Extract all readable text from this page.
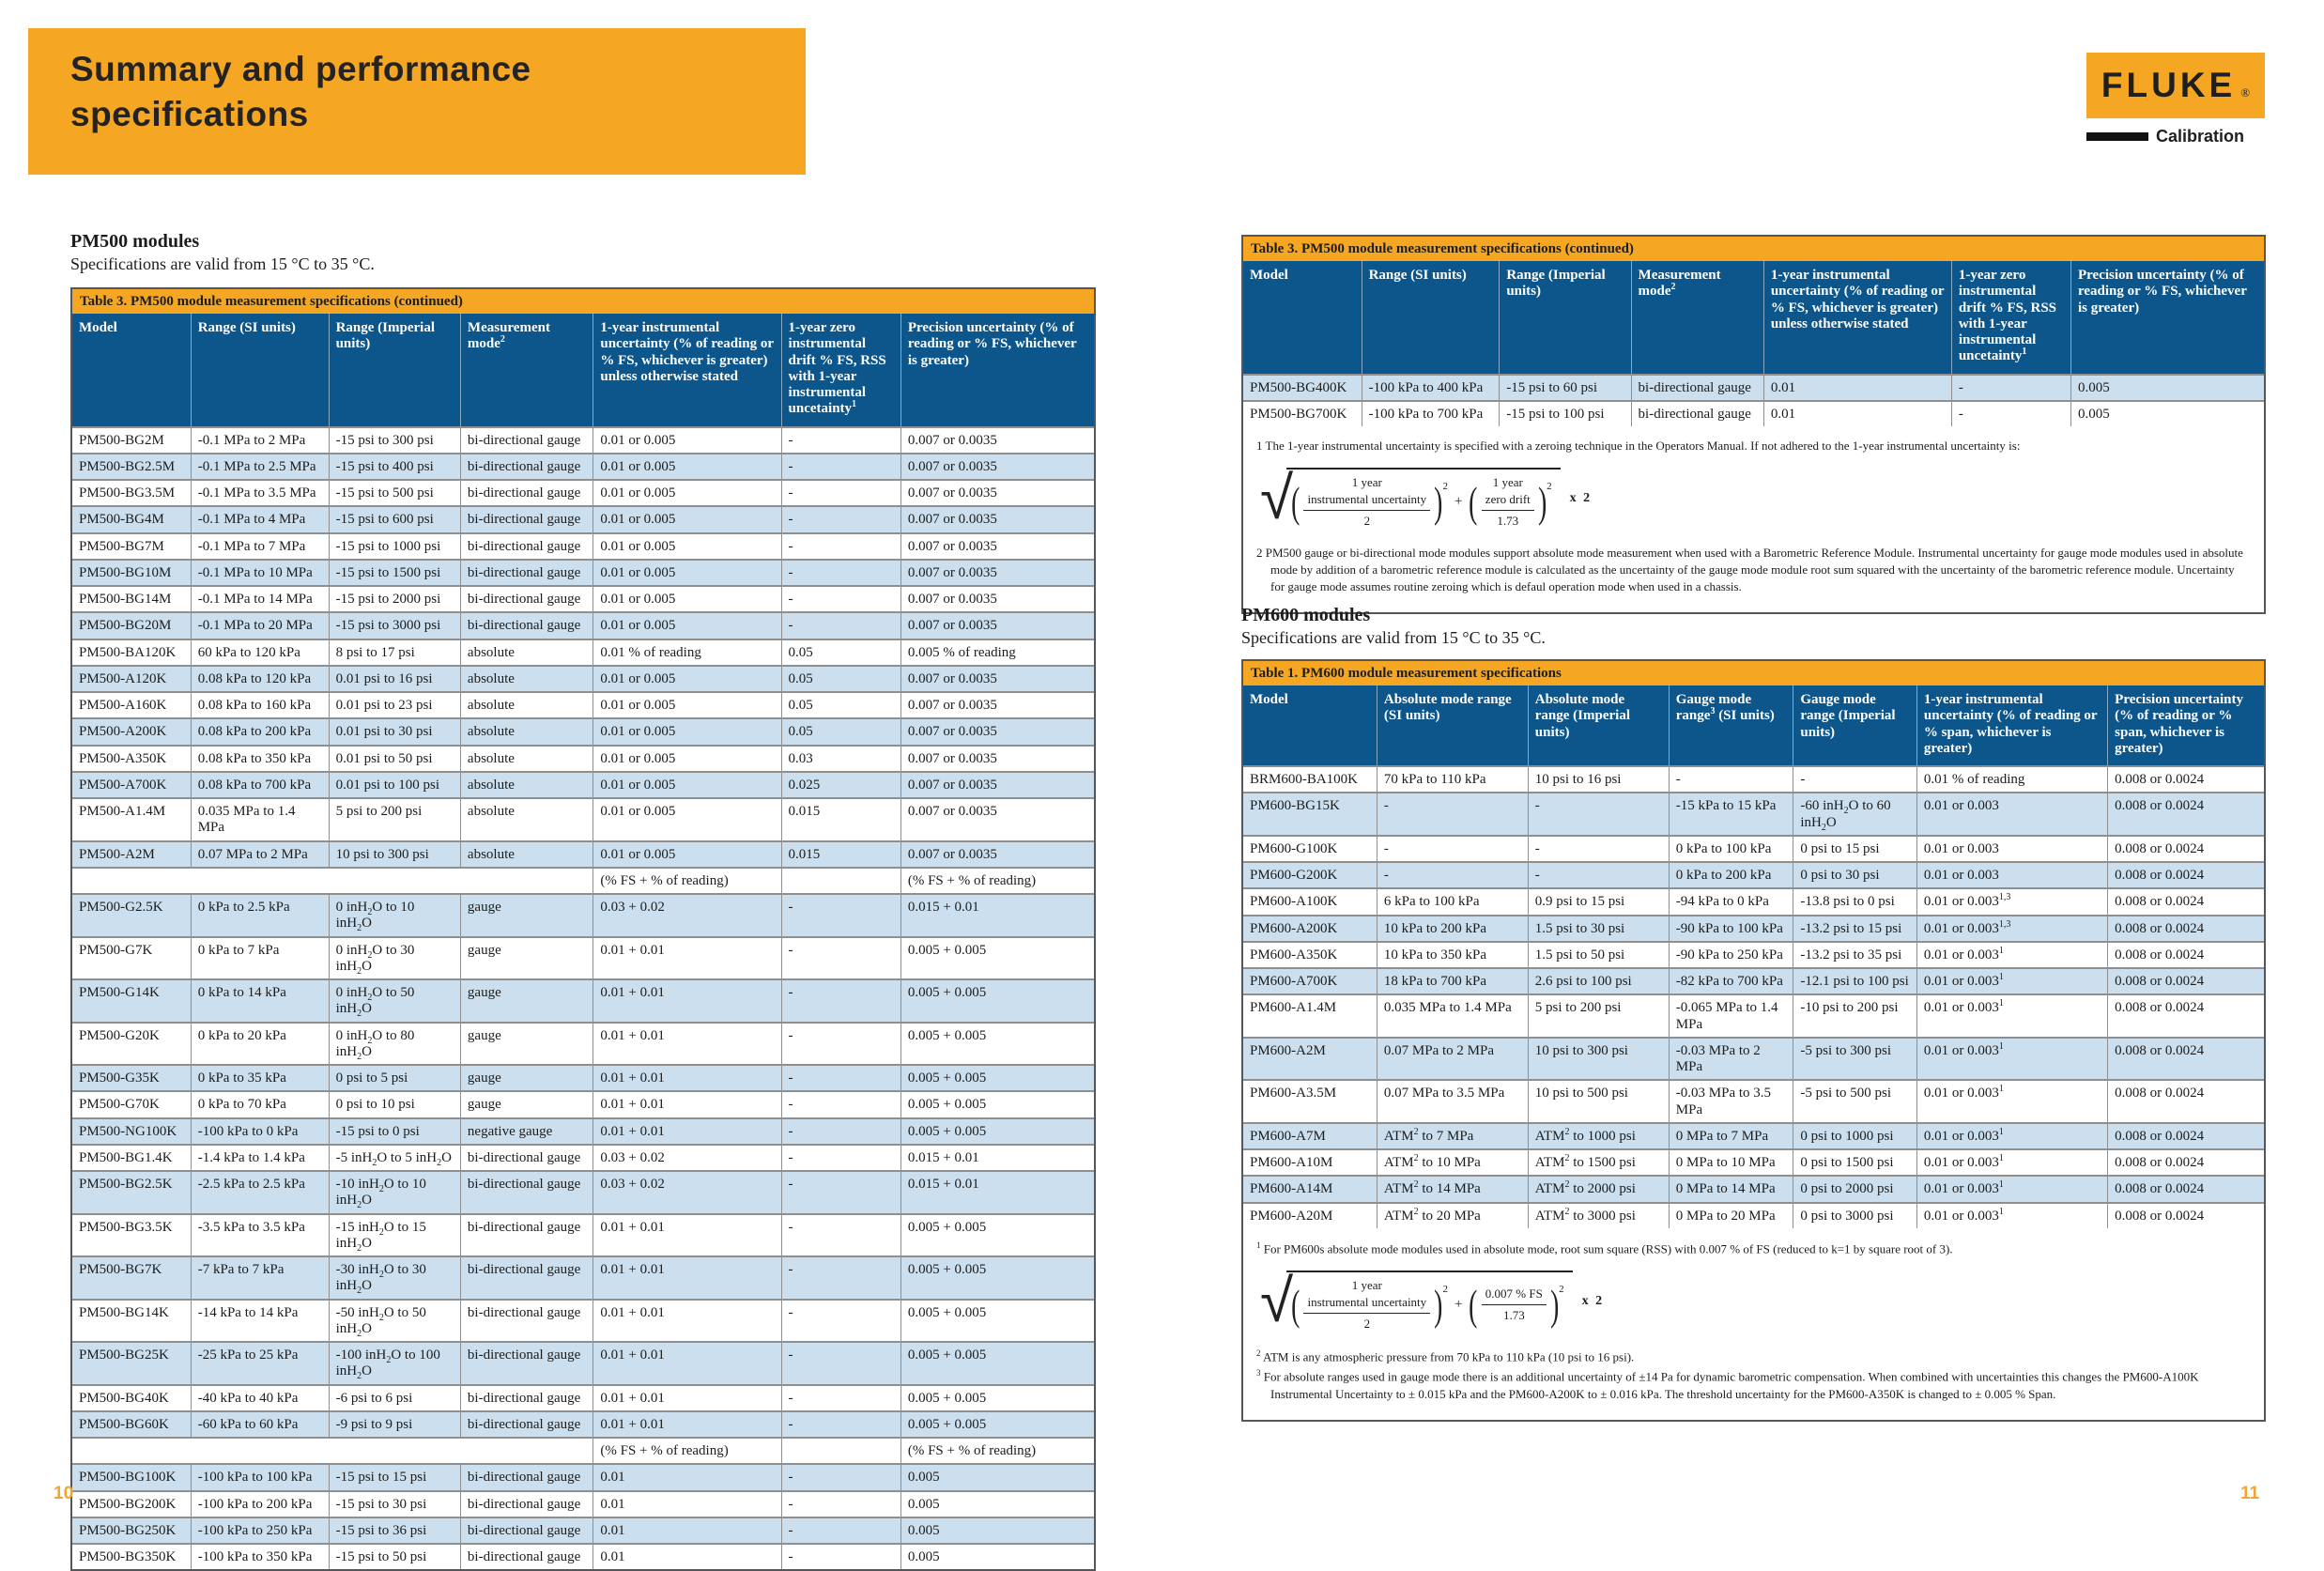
Summary and performance
specifications
FLUKE ®
Calibration
PM500 modules
Specifications are valid from 15 °C to 35 °C.
Table 3. PM500 module measurement specifications (continued)
Model	Range (SI units)	Range (Imperial units)	Measurement mode$^2$	1-year instrumental uncertainty (% of reading or % FS, whichever is greater) unless otherwise stated	1-year zero instrumental drift % FS, RSS with 1-year instrumental uncetainty$^1$	Precision uncertainty (% of reading or % FS, whichever is greater)
PM500-BG2M	-0.1 MPa to 2 MPa	-15 psi to 300 psi	bi-directional gauge	0.01 or 0.005	-	0.007 or 0.0035
PM500-BG2.5M	-0.1 MPa to 2.5 MPa	-15 psi to 400 psi	bi-directional gauge	0.01 or 0.005	-	0.007 or 0.0035
PM500-BG3.5M	-0.1 MPa to 3.5 MPa	-15 psi to 500 psi	bi-directional gauge	0.01 or 0.005	-	0.007 or 0.0035
PM500-BG4M	-0.1 MPa to 4 MPa	-15 psi to 600 psi	bi-directional gauge	0.01 or 0.005	-	0.007 or 0.0035
PM500-BG7M	-0.1 MPa to 7 MPa	-15 psi to 1000 psi	bi-directional gauge	0.01 or 0.005	-	0.007 or 0.0035
PM500-BG10M	-0.1 MPa to 10 MPa	-15 psi to 1500 psi	bi-directional gauge	0.01 or 0.005	-	0.007 or 0.0035
PM500-BG14M	-0.1 MPa to 14 MPa	-15 psi to 2000 psi	bi-directional gauge	0.01 or 0.005	-	0.007 or 0.0035
PM500-BG20M	-0.1 MPa to 20 MPa	-15 psi to 3000 psi	bi-directional gauge	0.01 or 0.005	-	0.007 or 0.0035
PM500-BA120K	60 kPa to 120 kPa	8 psi to 17 psi	absolute	0.01 % of reading	0.05	0.005 % of reading
PM500-A120K	0.08 kPa to 120 kPa	0.01 psi to 16 psi	absolute	0.01 or 0.005	0.05	0.007 or 0.0035
PM500-A160K	0.08 kPa to 160 kPa	0.01 psi to 23 psi	absolute	0.01 or 0.005	0.05	0.007 or 0.0035
PM500-A200K	0.08 kPa to 200 kPa	0.01 psi to 30 psi	absolute	0.01 or 0.005	0.05	0.007 or 0.0035
PM500-A350K	0.08 kPa to 350 kPa	0.01 psi to 50 psi	absolute	0.01 or 0.005	0.03	0.007 or 0.0035
PM500-A700K	0.08 kPa to 700 kPa	0.01 psi to 100 psi	absolute	0.01 or 0.005	0.025	0.007 or 0.0035
PM500-A1.4M	0.035 MPa to 1.4 MPa	5 psi to 200 psi	absolute	0.01 or 0.005	0.015	0.007 or 0.0035
PM500-A2M	0.07 MPa to 2 MPa	10 psi to 300 psi	absolute	0.01 or 0.005	0.015	0.007 or 0.0035
				(% FS + % of reading)		(% FS + % of reading)
PM500-G2.5K	0 kPa to 2.5 kPa	0 inH$_2$O to 10 inH$_2$O	gauge	0.03 + 0.02	-	0.015 + 0.01
PM500-G7K	0 kPa to 7 kPa	0 inH$_2$O to 30 inH$_2$O	gauge	0.01 + 0.01	-	0.005 + 0.005
PM500-G14K	0 kPa to 14 kPa	0 inH$_2$O to 50 inH$_2$O	gauge	0.01 + 0.01	-	0.005 + 0.005
PM500-G20K	0 kPa to 20 kPa	0 inH$_2$O to 80 inH$_2$O	gauge	0.01 + 0.01	-	0.005 + 0.005
PM500-G35K	0 kPa to 35 kPa	0 psi to 5 psi	gauge	0.01 + 0.01	-	0.005 + 0.005
PM500-G70K	0 kPa to 70 kPa	0 psi to 10 psi	gauge	0.01 + 0.01	-	0.005 + 0.005
PM500-NG100K	-100 kPa to 0 kPa	-15 psi to 0 psi	negative gauge	0.01 + 0.01	-	0.005 + 0.005
PM500-BG1.4K	-1.4 kPa to 1.4 kPa	-5 inH$_2$O to 5 inH$_2$O	bi-directional gauge	0.03 + 0.02	-	0.015 + 0.01
PM500-BG2.5K	-2.5 kPa to 2.5 kPa	-10 inH$_2$O to 10 inH$_2$O	bi-directional gauge	0.03 + 0.02	-	0.015 + 0.01
PM500-BG3.5K	-3.5 kPa to 3.5 kPa	-15 inH$_2$O to 15 inH$_2$O	bi-directional gauge	0.01 + 0.01	-	0.005 + 0.005
PM500-BG7K	-7 kPa to 7 kPa	-30 inH$_2$O to 30 inH$_2$O	bi-directional gauge	0.01 + 0.01	-	0.005 + 0.005
PM500-BG14K	-14 kPa to 14 kPa	-50 inH$_2$O to 50 inH$_2$O	bi-directional gauge	0.01 + 0.01	-	0.005 + 0.005
PM500-BG25K	-25 kPa to 25 kPa	-100 inH$_2$O to 100 inH$_2$O	bi-directional gauge	0.01 + 0.01	-	0.005 + 0.005
PM500-BG40K	-40 kPa to 40 kPa	-6 psi to 6 psi	bi-directional gauge	0.01 + 0.01	-	0.005 + 0.005
PM500-BG60K	-60 kPa to 60 kPa	-9 psi to 9 psi	bi-directional gauge	0.01 + 0.01	-	0.005 + 0.005
				(% FS + % of reading)		(% FS + % of reading)
PM500-BG100K	-100 kPa to 100 kPa	-15 psi to 15 psi	bi-directional gauge	0.01	-	0.005
PM500-BG200K	-100 kPa to 200 kPa	-15 psi to 30 psi	bi-directional gauge	0.01	-	0.005
PM500-BG250K	-100 kPa to 250 kPa	-15 psi to 36 psi	bi-directional gauge	0.01	-	0.005
PM500-BG350K	-100 kPa to 350 kPa	-15 psi to 50 psi	bi-directional gauge	0.01	-	0.005
10
Table 3. PM500 module measurement specifications (continued)
Model	Range (SI units)	Range (Imperial units)	Measurement mode$^2$	1-year instrumental uncertainty (% of reading or % FS, whichever is greater) unless otherwise stated	1-year zero instrumental drift % FS, RSS with 1-year instrumental uncetainty$^1$	Precision uncertainty (% of reading or % FS, whichever is greater)
PM500-BG400K	-100 kPa to 400 kPa	-15 psi to 60 psi	bi-directional gauge	0.01	-	0.005
PM500-BG700K	-100 kPa to 700 kPa	-15 psi to 100 psi	bi-directional gauge	0.01	-	0.005

1 The 1-year instrumental uncertainty is specified with a zeroing technique in the Operators Manual. If not adhered to the 1-year instrumental uncertainty is:

√
( 1 year
instrumental uncertainty
2 ) 2
+ ( 1 year
zero drift
1.73 ) 2
x 2

2 PM500 gauge or bi-directional mode modules support absolute mode measurement when used with a Barometric Reference Module. Instrumental uncertainty for gauge mode modules used in absolute mode by addition of a barometric reference module is calculated as the uncertainty of the gauge mode module root sum squared with the uncertainty of the barometric reference module. Uncertainty for gauge mode assumes routine zeroing which is defaul operation mode when used in a chassis.

PM600 modules
Specifications are valid from 15 °C to 35 °C.
Table 1. PM600 module measurement specifications
Model	Absolute mode range (SI units)	Absolute mode range (Imperial units)	Gauge mode range$^3$ (SI units)	Gauge mode range (Imperial units)	1-year instrumental uncertainty (% of reading or % span, whichever is greater)	Precision uncertainty (% of reading or % span, whichever is greater)
BRM600-BA100K	70 kPa to 110 kPa	10 psi to 16 psi	-	-	0.01 % of reading	0.008 or 0.0024
PM600-BG15K	-	-	-15 kPa to 15 kPa	-60 inH$_2$O to 60 inH$_2$O	0.01 or 0.003	0.008 or 0.0024
PM600-G100K	-	-	0 kPa to 100 kPa	0 psi to 15 psi	0.01 or 0.003	0.008 or 0.0024
PM600-G200K	-	-	0 kPa to 200 kPa	0 psi to 30 psi	0.01 or 0.003	0.008 or 0.0024
PM600-A100K	6 kPa to 100 kPa	0.9 psi to 15 psi	-94 kPa to 0 kPa	-13.8 psi to 0 psi	0.01 or 0.003$^{1,3}$	0.008 or 0.0024
PM600-A200K	10 kPa to 200 kPa	1.5 psi to 30 psi	-90 kPa to 100 kPa	-13.2 psi to 15 psi	0.01 or 0.003$^{1,3}$	0.008 or 0.0024
PM600-A350K	10 kPa to 350 kPa	1.5 psi to 50 psi	-90 kPa to 250 kPa	-13.2 psi to 35 psi	0.01 or 0.003$^1$	0.008 or 0.0024
PM600-A700K	18 kPa to 700 kPa	2.6 psi to 100 psi	-82 kPa to 700 kPa	-12.1 psi to 100 psi	0.01 or 0.003$^1$	0.008 or 0.0024
PM600-A1.4M	0.035 MPa to 1.4 MPa	5 psi to 200 psi	-0.065 MPa to 1.4 MPa	-10 psi to 200 psi	0.01 or 0.003$^1$	0.008 or 0.0024
PM600-A2M	0.07 MPa to 2 MPa	10 psi to 300 psi	-0.03 MPa to 2 MPa	-5 psi to 300 psi	0.01 or 0.003$^1$	0.008 or 0.0024
PM600-A3.5M	0.07 MPa to 3.5 MPa	10 psi to 500 psi	-0.03 MPa to 3.5 MPa	-5 psi to 500 psi	0.01 or 0.003$^1$	0.008 or 0.0024
PM600-A7M	ATM$^2$ to 7 MPa	ATM$^2$ to 1000 psi	0 MPa to 7 MPa	0 psi to 1000 psi	0.01 or 0.003$^1$	0.008 or 0.0024
PM600-A10M	ATM$^2$ to 10 MPa	ATM$^2$ to 1500 psi	0 MPa to 10 MPa	0 psi to 1500 psi	0.01 or 0.003$^1$	0.008 or 0.0024
PM600-A14M	ATM$^2$ to 14 MPa	ATM$^2$ to 2000 psi	0 MPa to 14 MPa	0 psi to 2000 psi	0.01 or 0.003$^1$	0.008 or 0.0024
PM600-A20M	ATM$^2$ to 20 MPa	ATM$^2$ to 3000 psi	0 MPa to 20 MPa	0 psi to 3000 psi	0.01 or 0.003$^1$	0.008 or 0.0024

$^1$ For PM600s absolute mode modules used in absolute mode, root sum square (RSS) with 0.007 % of FS (reduced to k=1 by square root of 3).

√
( 1 year
instrumental uncertainty
2 ) 2
+ ( $\frac{0.007 \% FS}{1.73}$ ) 2
x 2

$^2$ ATM is any atmospheric pressure from 70 kPa to 110 kPa (10 psi to 16 psi).

$^3$ For absolute ranges used in gauge mode there is an additional uncertainty of ±14 Pa for dynamic barometric compensation. When combined with uncertainties this changes the PM600-A100K Instrumental Uncertainty to ± 0.015 kPa and the PM600-A200K to ± 0.016 kPa. The threshold uncertainty for the PM600-A350K is changed to ± 0.005 % Span.

11
